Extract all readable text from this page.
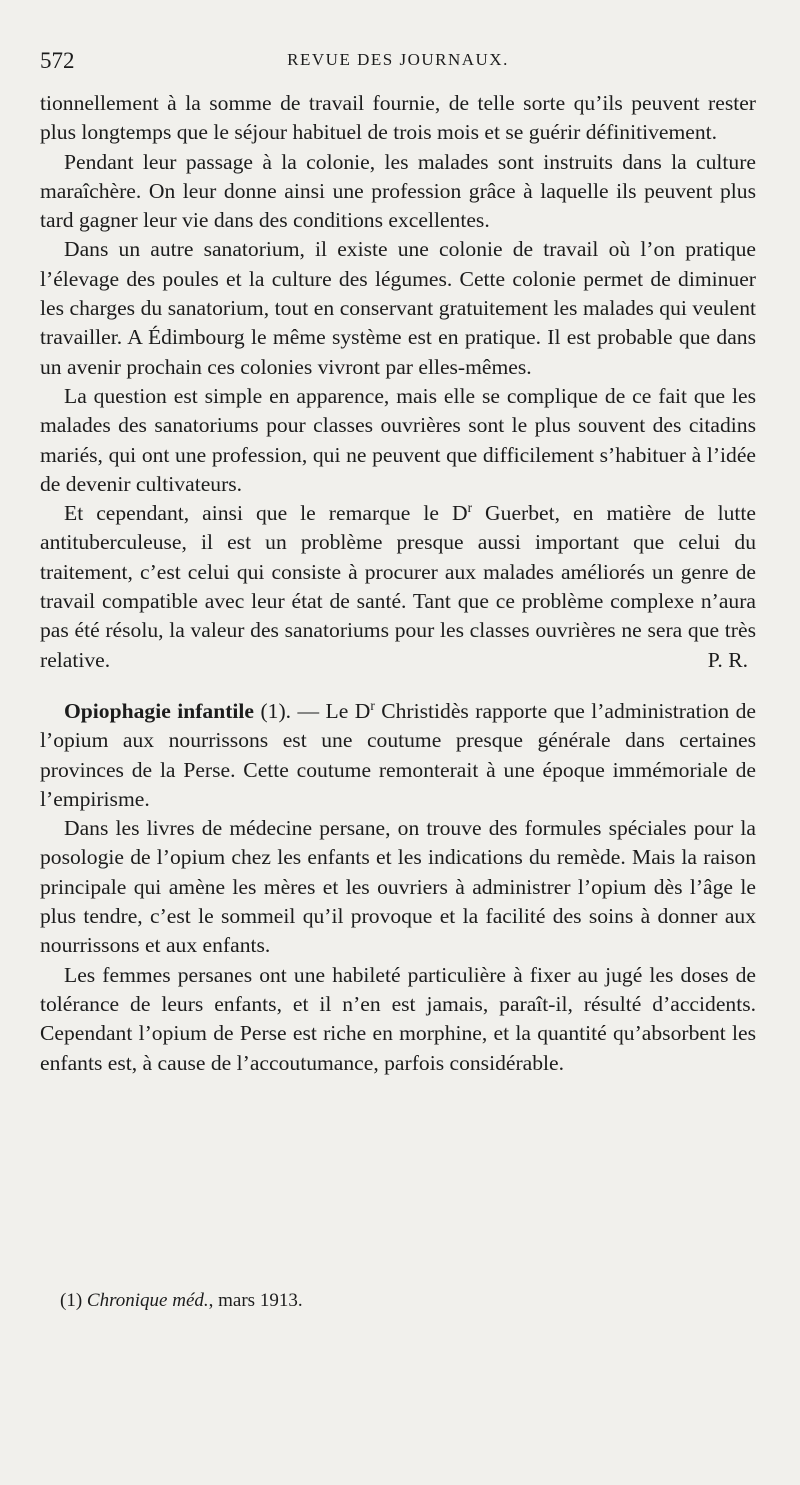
572	REVUE DES JOURNAUX.

tionnellement à la somme de travail fournie, de telle sorte qu’ils peuvent rester plus longtemps que le séjour habituel de trois mois et se guérir définitivement.

Pendant leur passage à la colonie, les malades sont instruits dans la culture maraîchère. On leur donne ainsi une profession grâce à laquelle ils peuvent plus tard gagner leur vie dans des conditions excellentes.

Dans un autre sanatorium, il existe une colonie de travail où l’on pratique l’élevage des poules et la culture des légumes. Cette colonie permet de diminuer les charges du sanatorium, tout en conservant gratuitement les malades qui veulent travailler. A Édimbourg le même système est en pratique. Il est probable que dans un avenir prochain ces colonies vivront par elles-mêmes.

La question est simple en apparence, mais elle se complique de ce fait que les malades des sanatoriums pour classes ouvrières sont le plus souvent des citadins mariés, qui ont une profession, qui ne peuvent que difficilement s’habituer à l’idée de devenir cultivateurs.

Et cependant, ainsi que le remarque le $D^r$ Guerbet, en matière de lutte antituberculeuse, il est un problème presque aussi important que celui du traitement, c’est celui qui consiste à procurer aux malades améliorés un genre de travail compatible avec leur état de santé. Tant que ce problème complexe n’aura pas été résolu, la valeur des sanatoriums pour les classes ouvrières ne sera que très relative.	P. R.

Opiophagie infantile (1). — Le $D^r$ Christidès rapporte que l’administration de l’opium aux nourrissons est une coutume presque générale dans certaines provinces de la Perse. Cette coutume remonterait à une époque immémoriale de l’empirisme.

Dans les livres de médecine persane, on trouve des formules spéciales pour la posologie de l’opium chez les enfants et les indications du remède. Mais la raison principale qui amène les mères et les ouvriers à administrer l’opium dès l’âge le plus tendre, c’est le sommeil qu’il provoque et la facilité des soins à donner aux nourrissons et aux enfants.

Les femmes persanes ont une habileté particulière à fixer au jugé les doses de tolérance de leurs enfants, et il n’en est jamais, paraît-il, résulté d’accidents. Cependant l’opium de Perse est riche en morphine, et la quantité qu’absorbent les enfants est, à cause de l’accoutumance, parfois considérable.

(1) Chronique méd., mars 1913.
